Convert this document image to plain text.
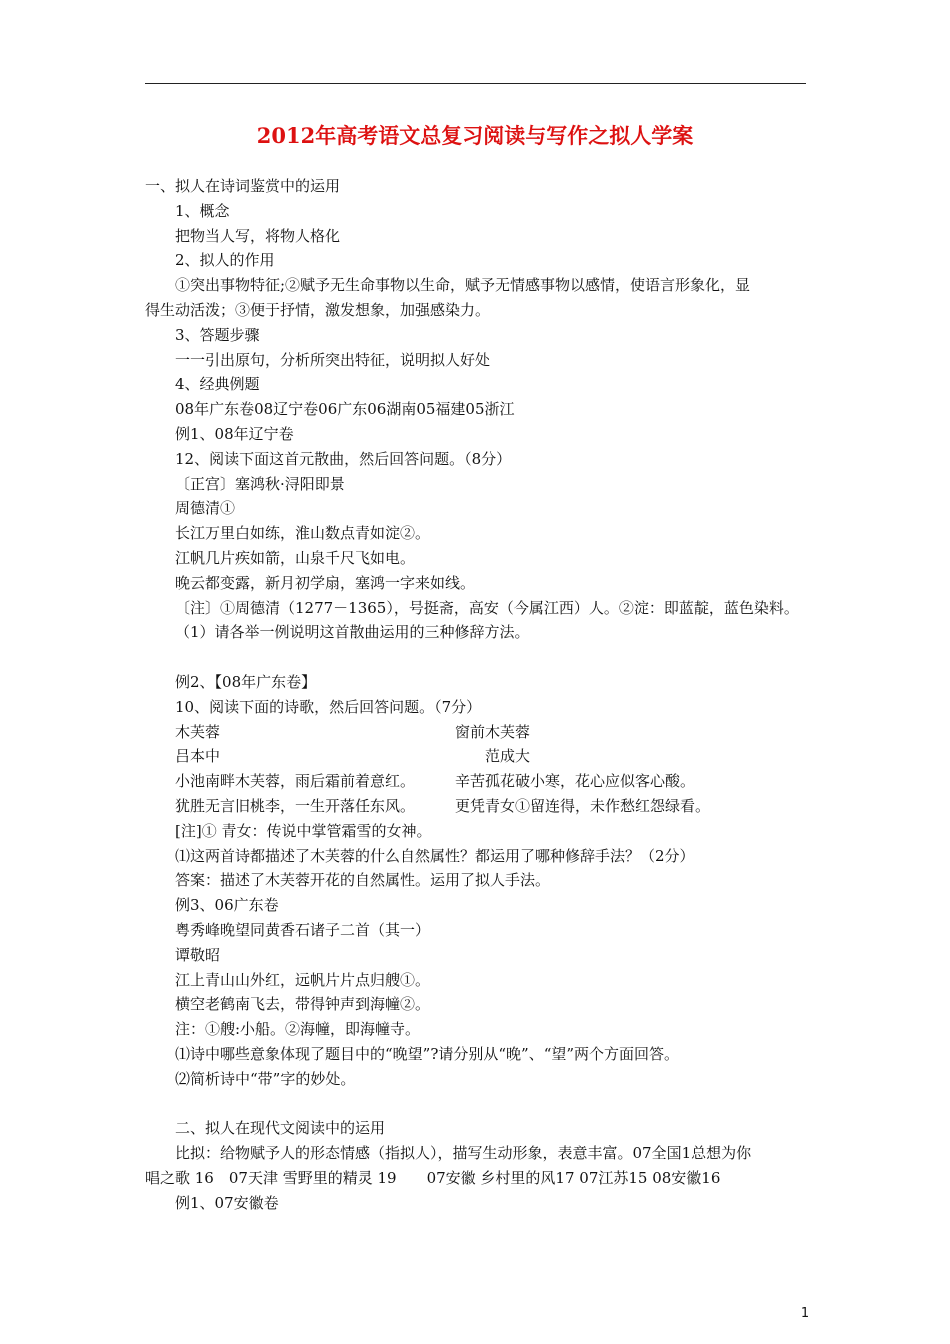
2012年高考语文总复习阅读与写作之拟人学案
一、拟人在诗词鉴赏中的运用
1、概念
把物当人写，将物人格化
2、拟人的作用
①突出事物特征;②赋予无生命事物以生命，赋予无情感事物以感情，使语言形象化，显
得生动活泼；③便于抒情，激发想象，加强感染力。
3、答题步骤
一一引出原句，分析所突出特征，说明拟人好处
4、经典例题
08年广东卷08辽宁卷06广东06湖南05福建05浙江
例1、08年辽宁卷
12、阅读下面这首元散曲，然后回答问题。（8分）
〔正宫〕塞鸿秋·浔阳即景
周德清①
长江万里白如练，淮山数点青如淀②。
江帆几片疾如箭，山泉千尺飞如电。
晚云都变露，新月初学扇，塞鸿一字来如线。
〔注〕①周德清（1277－1365），号挺斋，高安（今属江西）人。②淀：即蓝靛，蓝色染料。
（1）请各举一例说明这首散曲运用的三种修辞方法。
例2、【08年广东卷】
10、阅读下面的诗歌，然后回答问题。（7分）
木芙蓉	窗前木芙蓉
吕本中	范成大
小池南畔木芙蓉，雨后霜前着意红。	辛苦孤花破小寒，花心应似客心酸。
犹胜无言旧桃李，一生开落任东风。	更凭青女①留连得，未作愁红怨绿看。
[注]① 青女：传说中掌管霜雪的女神。
⑴这两首诗都描述了木芙蓉的什么自然属性？都运用了哪种修辞手法？（2分）
答案：描述了木芙蓉开花的自然属性。运用了拟人手法。
例3、06广东卷
粤秀峰晚望同黄香石诸子二首（其一）
谭敬昭
江上青山山外红，远帆片片点归艘①。
横空老鹤南飞去，带得钟声到海幢②。
注：①艘:小船。②海幢，即海幢寺。
⑴诗中哪些意象体现了题目中的“晚望”?请分别从“晚”、“望”两个方面回答。
⑵简析诗中“带”字的妙处。
二、拟人在现代文阅读中的运用
比拟：给物赋予人的形态情感（指拟人），描写生动形象，表意丰富。07全国1总想为你
唱之歌 16　07天津 雪野里的精灵 19　　07安徽 乡村里的风17 07江苏15 08安徽16
例1、07安徽卷
1
